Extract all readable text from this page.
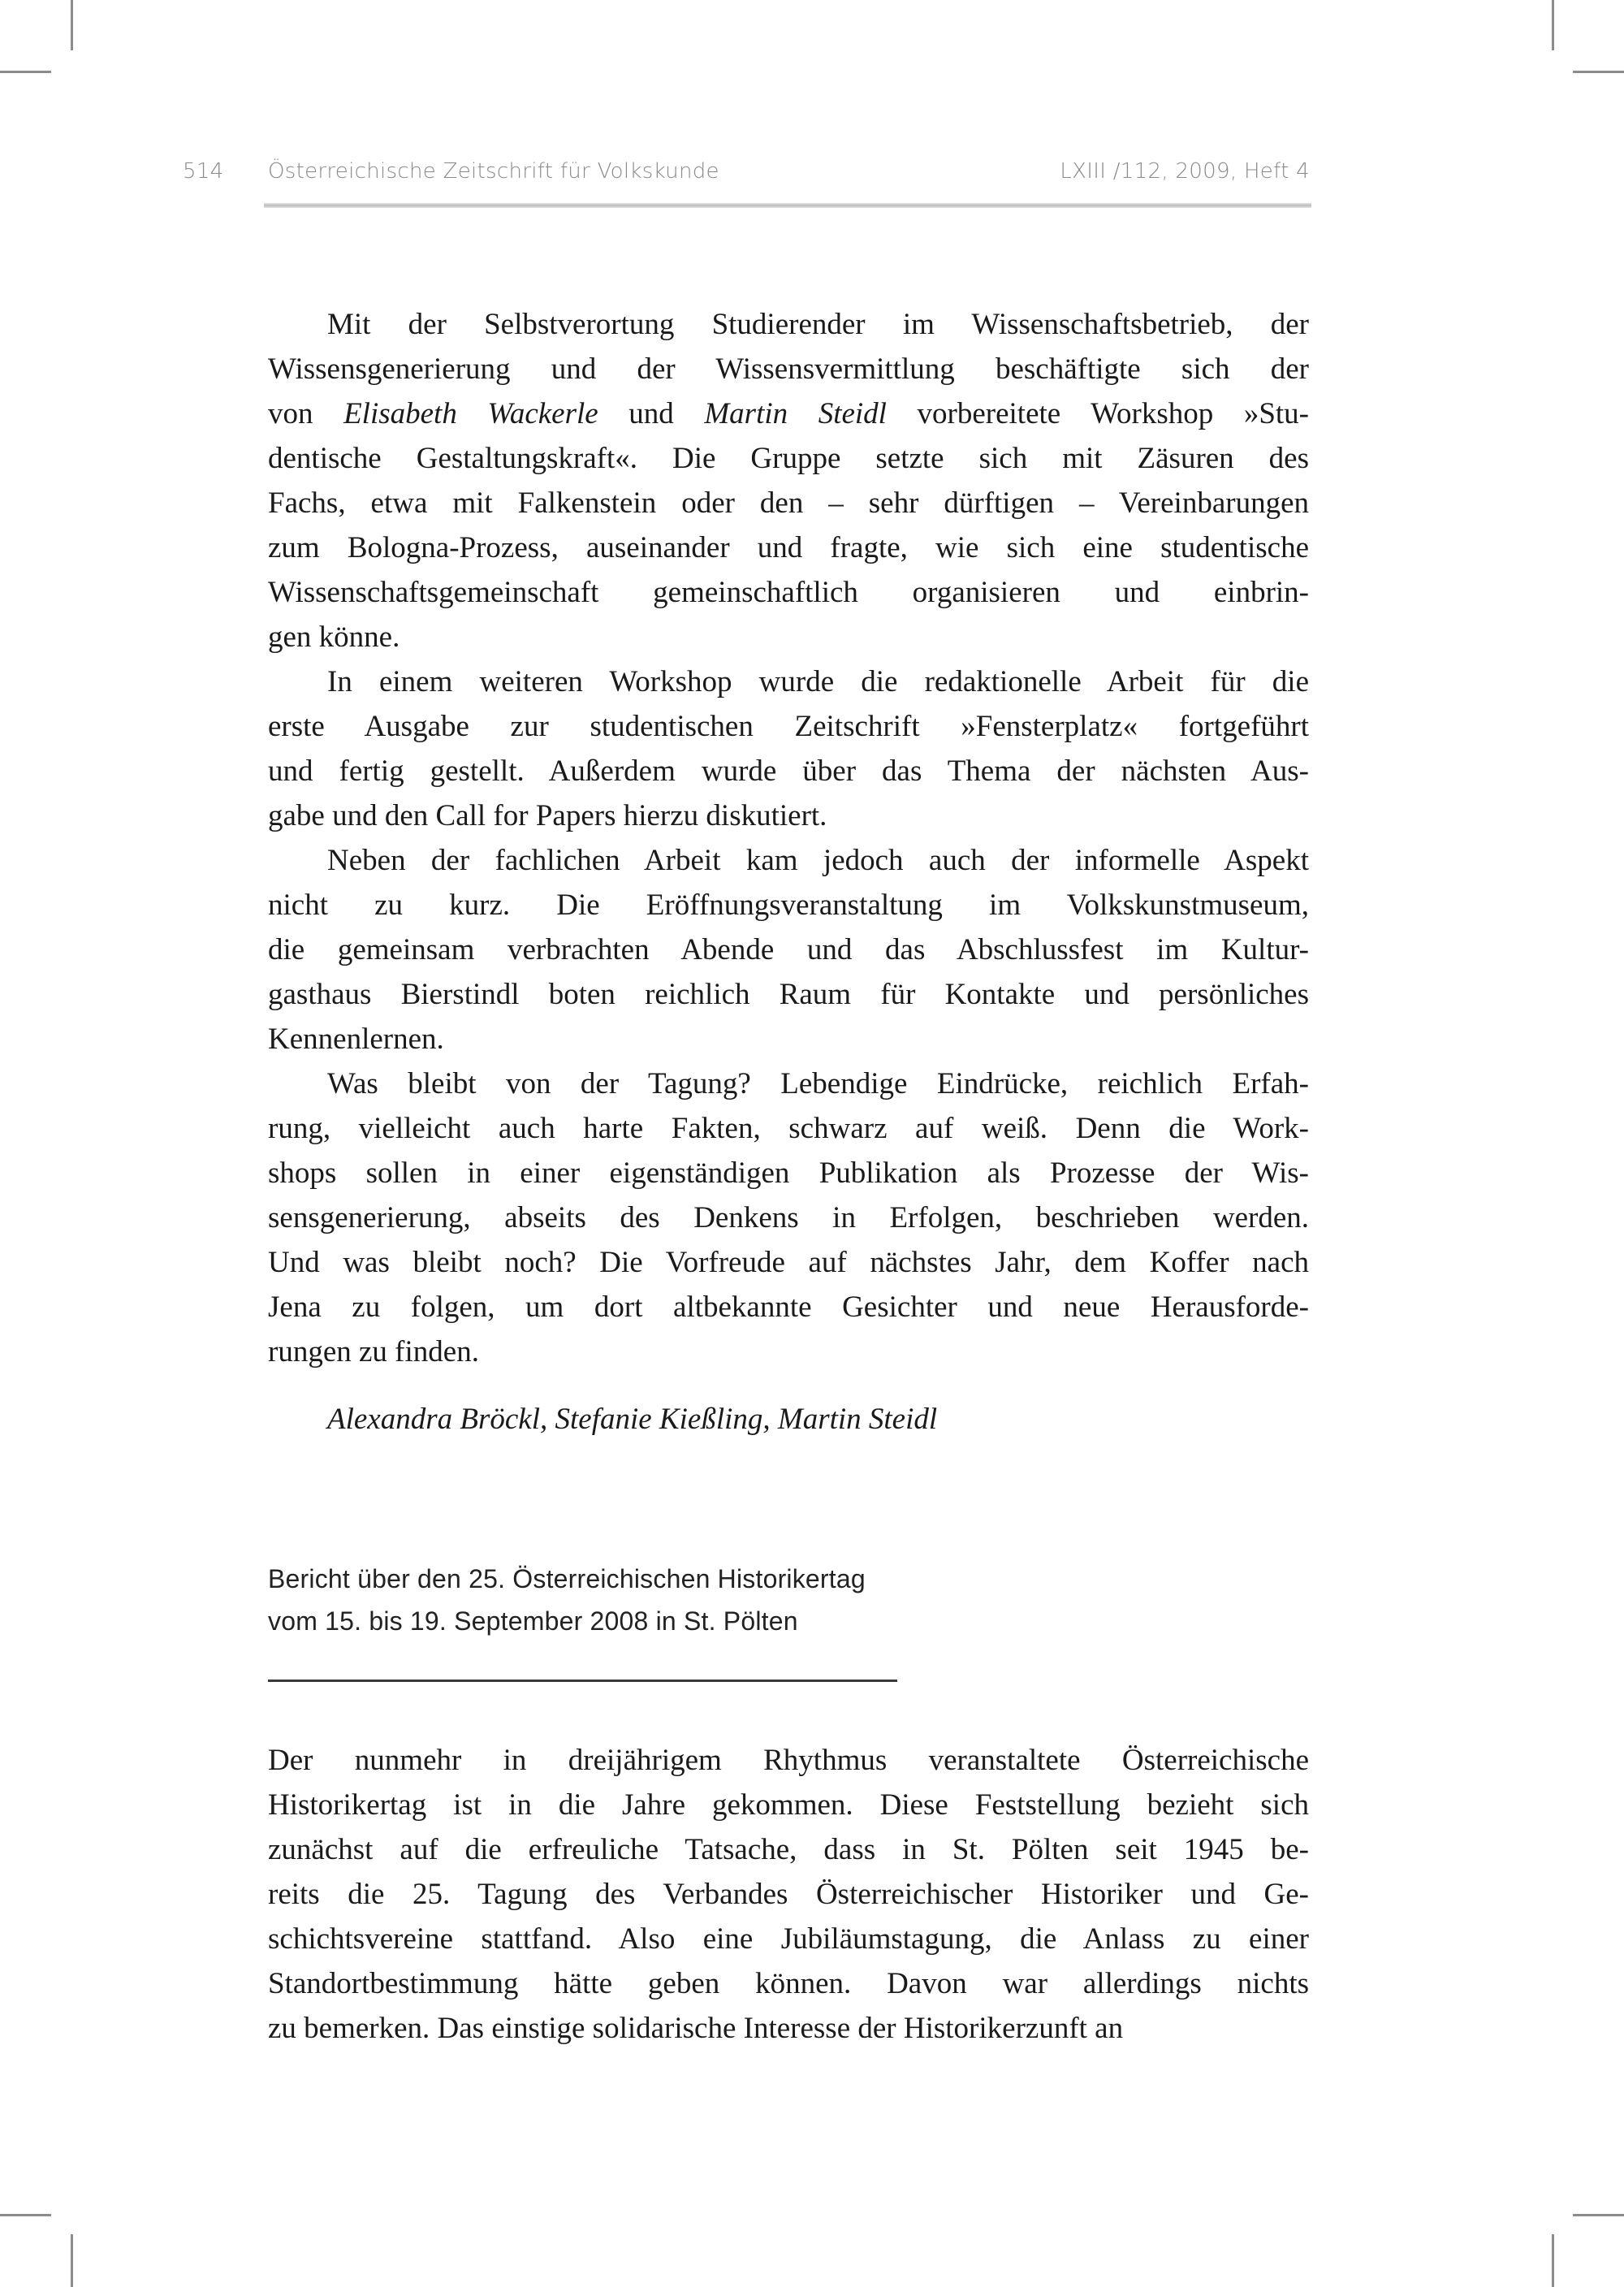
514 Österreichische Zeitschrift für Volkskunde	LXIII /112, 2009, Heft 4
Mit der Selbstverortung Studierender im Wissenschaftsbetrieb, der
Wissensgenerierung und der Wissensvermittlung beschäftigte sich der
von Elisabeth Wackerle und Martin Steidl vorbereitete Workshop »Stu-
dentische Gestaltungskraft«. Die Gruppe setzte sich mit Zäsuren des
Fachs, etwa mit Falkenstein oder den – sehr dürftigen – Vereinbarungen
zum Bologna-Prozess, auseinander und fragte, wie sich eine studentische
Wissenschaftsgemeinschaft gemeinschaftlich organisieren und einbrin-
gen könne.
In einem weiteren Workshop wurde die redaktionelle Arbeit für die
erste Ausgabe zur studentischen Zeitschrift »Fensterplatz« fortgeführt
und fertig gestellt. Außerdem wurde über das Thema der nächsten Aus-
gabe und den Call for Papers hierzu diskutiert.
Neben der fachlichen Arbeit kam jedoch auch der informelle Aspekt
nicht zu kurz. Die Eröffnungsveranstaltung im Volkskunstmuseum,
die gemeinsam verbrachten Abende und das Abschlussfest im Kultur-
gasthaus Bierstindl boten reichlich Raum für Kontakte und persönliches
Kennenlernen.
Was bleibt von der Tagung? Lebendige Eindrücke, reichlich Erfah-
rung, vielleicht auch harte Fakten, schwarz auf weiß. Denn die Work-
shops sollen in einer eigenständigen Publikation als Prozesse der Wis-
sensgenerierung, abseits des Denkens in Erfolgen, beschrieben werden.
Und was bleibt noch? Die Vorfreude auf nächstes Jahr, dem Koffer nach
Jena zu folgen, um dort altbekannte Gesichter und neue Herausforde-
rungen zu finden.
Alexandra Bröckl, Stefanie Kießling, Martin Steidl
Bericht über den 25. Österreichischen Historikertag
vom 15. bis 19. September 2008 in St. Pölten
Der nunmehr in dreijährigem Rhythmus veranstaltete Österreichische
Historikertag ist in die Jahre gekommen. Diese Feststellung bezieht sich
zunächst auf die erfreuliche Tatsache, dass in St. Pölten seit 1945 be-
reits die 25. Tagung des Verbandes Österreichischer Historiker und Ge-
schichtsvereine stattfand. Also eine Jubiläumstagung, die Anlass zu einer
Standortbestimmung hätte geben können. Davon war allerdings nichts
zu bemerken. Das einstige solidarische Interesse der Historikerzunft an
